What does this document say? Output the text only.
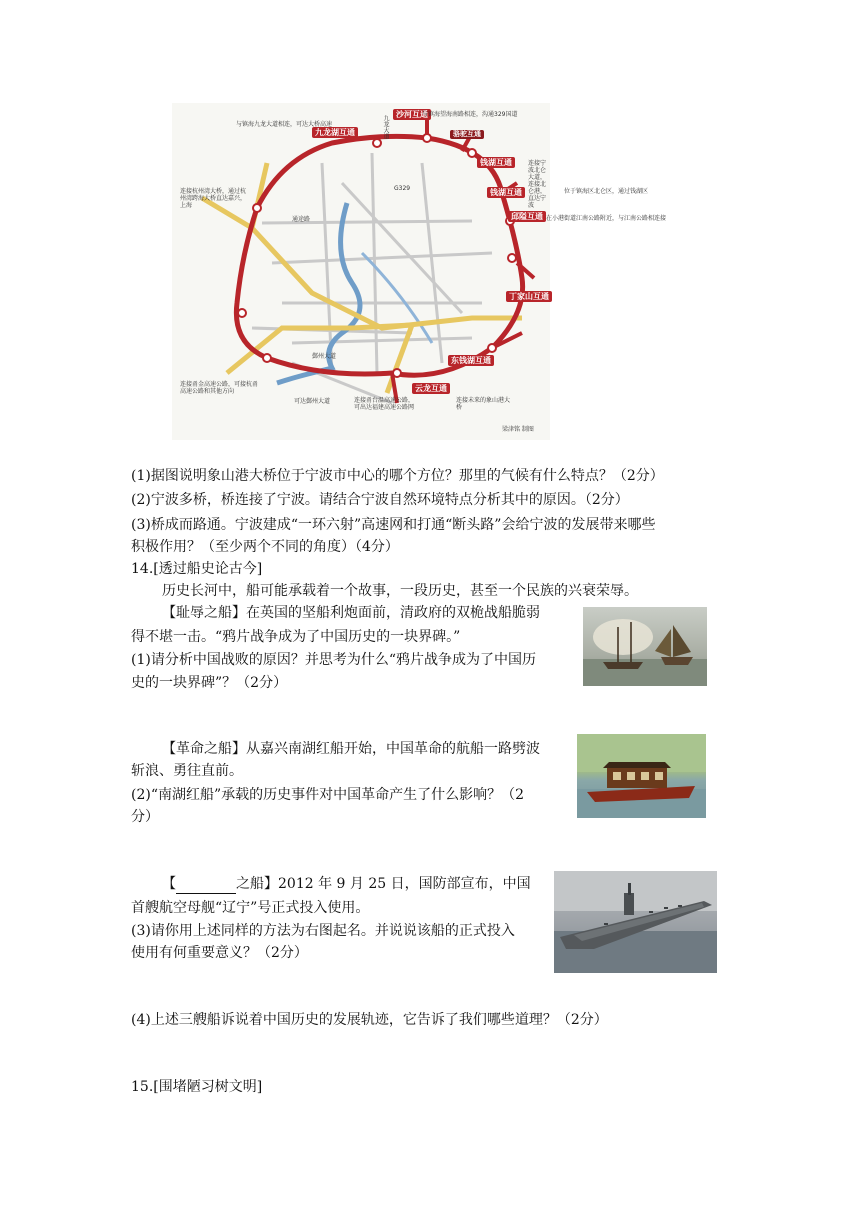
沙河互通
九龙湖互通	骆驼互通
钱湖互通
钱湖互通
邱隘互通
丁家山互通
东钱湖互通
云龙互通
与镇海九龙大道相连，可达大桥高速
与镇海望海南路相连，沟通329国道
九龙大道
连接杭州湾大桥，通过杭州湾跨海大桥直达嘉兴，上海
连接宁波北仑大道，连接北仑港，直达宁波
位于镇海区北仑区，通过钱湖区
在小港街道江南公路附近，与江南公路相连接
连接甬金高速公路，可接杭甬高速公路和其他方向
可达鄞州大道	连接甬台温高速公路，可出达福建高速公路网
连接未来的象山港大桥
梁津铭 制图
G329
通途路
鄞州大道
(1)据图说明象山港大桥位于宁波市中心的哪个方位？那里的气候有什么特点？（2分）
(2)宁波多桥，桥连接了宁波。请结合宁波自然环境特点分析其中的原因。（2分）
(3)桥成而路通。宁波建成“一环六射”高速网和打通“断头路”会给宁波的发展带来哪些
积极作用？（至少两个不同的角度）（4分）
14.[透过船史论古今]
历史长河中，船可能承载着一个故事，一段历史，甚至一个民族的兴衰荣辱。
【耻辱之船】在英国的坚船利炮面前，清政府的双桅战船脆弱
得不堪一击。“鸦片战争成为了中国历史的一块界碑。”
(1)请分析中国战败的原因？并思考为什么“鸦片战争成为了中国历
史的一块界碑”？（2分）
【革命之船】从嘉兴南湖红船开始，中国革命的航船一路劈波
斩浪、勇往直前。
(2)“南湖红船”承载的历史事件对中国革命产生了什么影响？（2
分）
【	之船】2012 年 9 月 25 日，国防部宣布，中国
首艘航空母舰“辽宁”号正式投入使用。
(3)请你用上述同样的方法为右图起名。并说说该船的正式投入
使用有何重要意义？（2分）
(4)上述三艘船诉说着中国历史的发展轨迹，它告诉了我们哪些道理？（2分）
15.[围堵陋习树文明]
